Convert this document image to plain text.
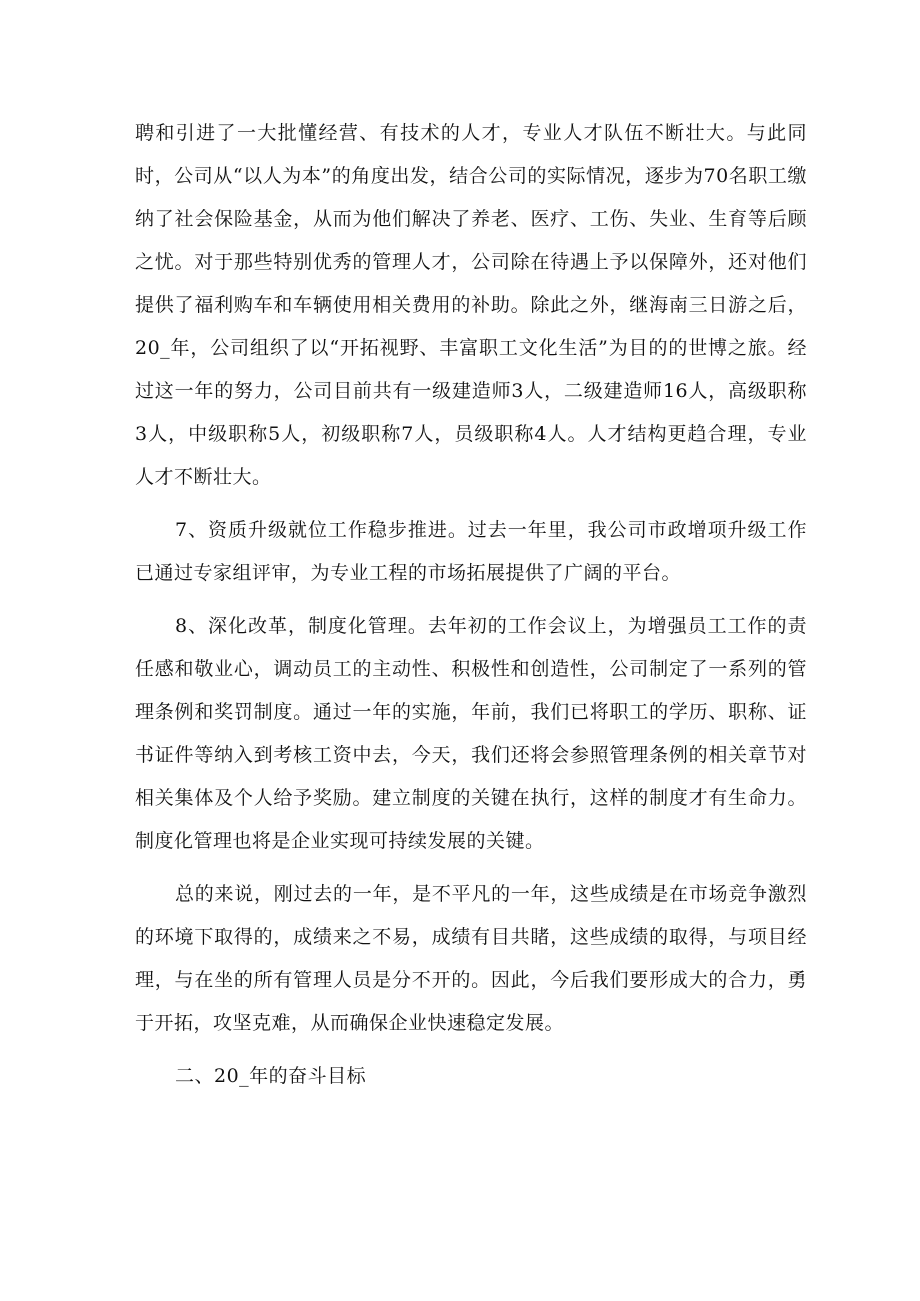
聘和引进了一大批懂经营、有技术的人才，专业人才队伍不断壮大。与此同时，公司从“以人为本”的角度出发，结合公司的实际情况，逐步为70名职工缴纳了社会保险基金，从而为他们解决了养老、医疗、工伤、失业、生育等后顾之忧。对于那些特别优秀的管理人才，公司除在待遇上予以保障外，还对他们提供了福利购车和车辆使用相关费用的补助。除此之外，继海南三日游之后，20_年，公司组织了以“开拓视野、丰富职工文化生活”为目的的世博之旅。经过这一年的努力，公司目前共有一级建造师3人，二级建造师16人，高级职称3人，中级职称5人，初级职称7人，员级职称4人。人才结构更趋合理，专业人才不断壮大。

7、资质升级就位工作稳步推进。过去一年里，我公司市政增项升级工作已通过专家组评审，为专业工程的市场拓展提供了广阔的平台。

8、深化改革，制度化管理。去年初的工作会议上，为增强员工工作的责任感和敬业心，调动员工的主动性、积极性和创造性，公司制定了一系列的管理条例和奖罚制度。通过一年的实施，年前，我们已将职工的学历、职称、证书证件等纳入到考核工资中去，今天，我们还将会参照管理条例的相关章节对相关集体及个人给予奖励。建立制度的关键在执行，这样的制度才有生命力。制度化管理也将是企业实现可持续发展的关键。

总的来说，刚过去的一年，是不平凡的一年，这些成绩是在市场竞争激烈的环境下取得的，成绩来之不易，成绩有目共睹，这些成绩的取得，与项目经理，与在坐的所有管理人员是分不开的。因此，今后我们要形成大的合力，勇于开拓，攻坚克难，从而确保企业快速稳定发展。

二、20_年的奋斗目标
